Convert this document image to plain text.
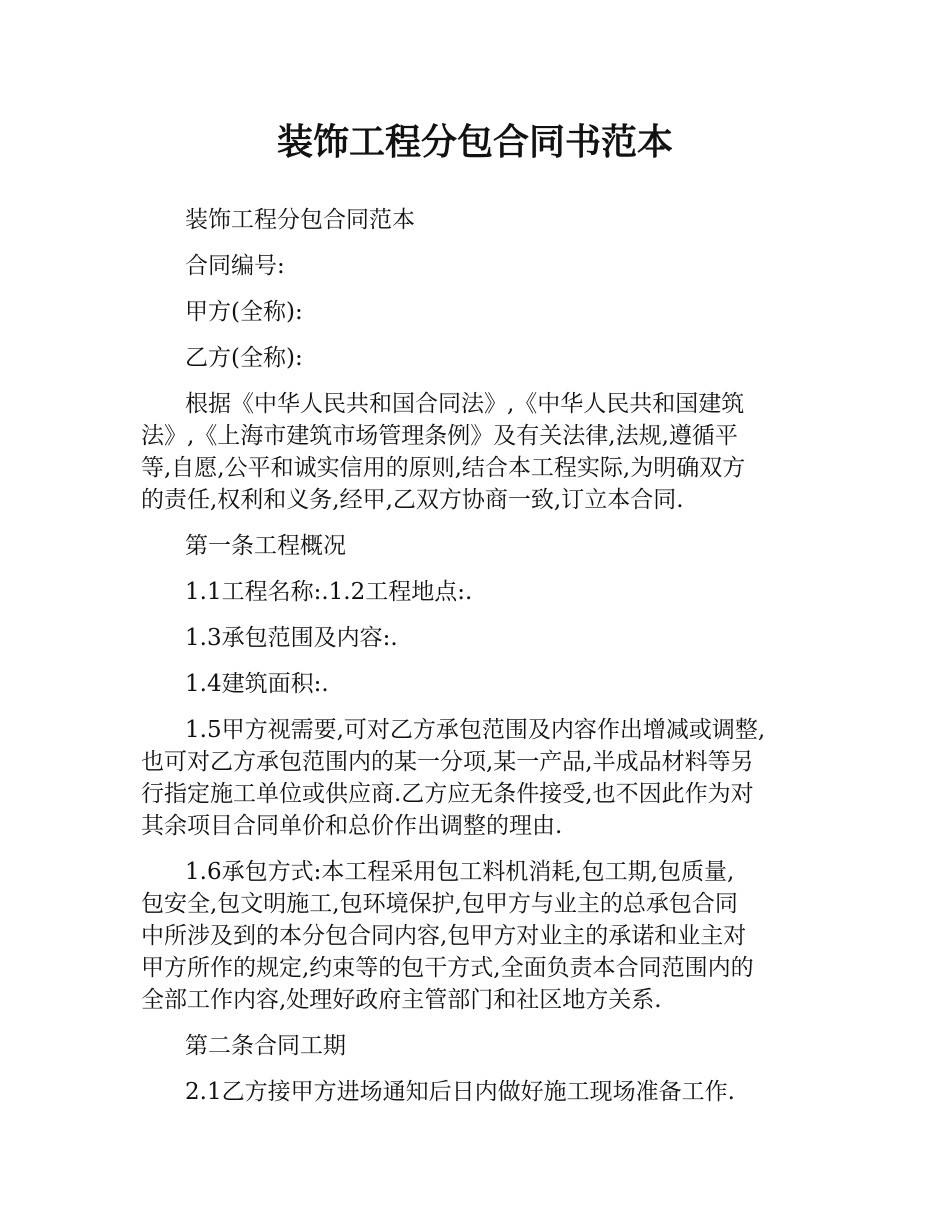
装饰工程分包合同书范本

装饰工程分包合同范本

合同编号:

甲方(全称):

乙方(全称):

根据《中华人民共和国合同法》,《中华人民共和国建筑
法》,《上海市建筑市场管理条例》及有关法律,法规,遵循平
等,自愿,公平和诚实信用的原则,结合本工程实际,为明确双方
的责任,权利和义务,经甲,乙双方协商一致,订立本合同.

第一条工程概况

1.1工程名称:.1.2工程地点:.

1.3承包范围及内容:.

1.4建筑面积:.

1.5甲方视需要,可对乙方承包范围及内容作出增减或调整,
也可对乙方承包范围内的某一分项,某一产品,半成品材料等另
行指定施工单位或供应商.乙方应无条件接受,也不因此作为对
其余项目合同单价和总价作出调整的理由.

1.6承包方式:本工程采用包工料机消耗,包工期,包质量,
包安全,包文明施工,包环境保护,包甲方与业主的总承包合同
中所涉及到的本分包合同内容,包甲方对业主的承诺和业主对
甲方所作的规定,约束等的包干方式,全面负责本合同范围内的
全部工作内容,处理好政府主管部门和社区地方关系.

第二条合同工期

2.1乙方接甲方进场通知后日内做好施工现场准备工作.
